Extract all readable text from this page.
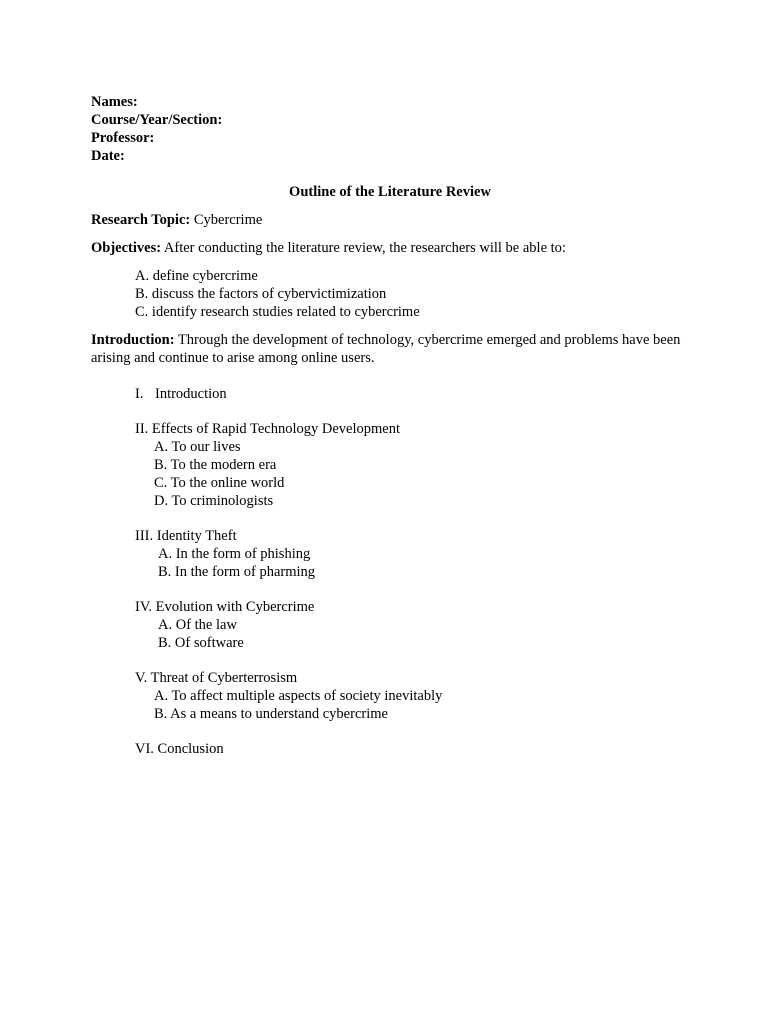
Names:
Course/Year/Section:
Professor:
Date:
Outline of the Literature Review
Research Topic: Cybercrime
Objectives: After conducting the literature review, the researchers will be able to:
A. define cybercrime
B. discuss the factors of cybervictimization
C. identify research studies related to cybercrime
Introduction: Through the development of technology, cybercrime emerged and problems have been arising and continue to arise among online users.
I. Introduction
II. Effects of Rapid Technology Development
A. To our lives
B. To the modern era
C. To the online world
D. To criminologists
III. Identity Theft
A. In the form of phishing
B. In the form of pharming
IV. Evolution with Cybercrime
A. Of the law
B. Of software
V. Threat of Cyberterrosism
A. To affect multiple aspects of society inevitably
B. As a means to understand cybercrime
VI. Conclusion
